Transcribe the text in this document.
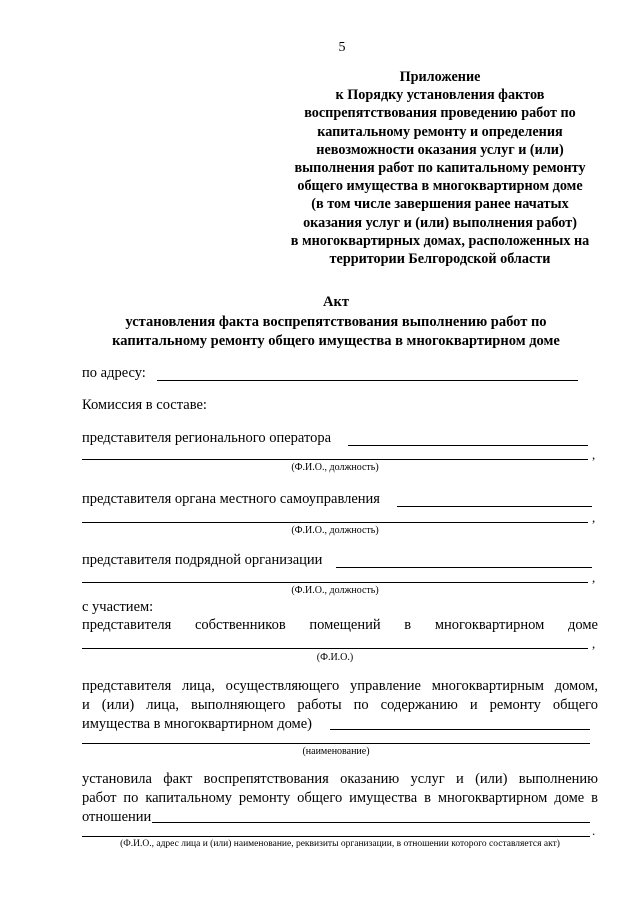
5
Приложение
к Порядку установления фактов
воспрепятствования проведению работ по
капитальному ремонту и определения
невозможности оказания услуг и (или)
выполнения работ по капитальному ремонту
общего имущества в многоквартирном доме
(в том числе завершения ранее начатых
оказания услуг и (или) выполнения работ)
в многоквартирных домах, расположенных на
территории Белгородской области
Акт
установления факта воспрепятствования выполнению работ по
капитальному ремонту общего имущества в многоквартирном доме
по адресу:
Комиссия в составе:
представителя регионального оператора
,
(Ф.И.О., должность)
представителя органа местного самоуправления
,
(Ф.И.О., должность)
представителя подрядной организации
,
(Ф.И.О., должность)
с участием:
представителя собственников помещений в многоквартирном доме
,
(Ф.И.О.)
представителя лица, осуществляющего управление многоквартирным домом,
и (или) лица, выполняющего работы по содержанию и ремонту общего
имущества в многоквартирном доме)
(наименование)
установила факт воспрепятствования оказанию услуг и (или) выполнению
работ по капитальному ремонту общего имущества в многоквартирном доме в
отношении
.
(Ф.И.О., адрес лица и (или) наименование, реквизиты организации, в отношении которого составляется акт)
